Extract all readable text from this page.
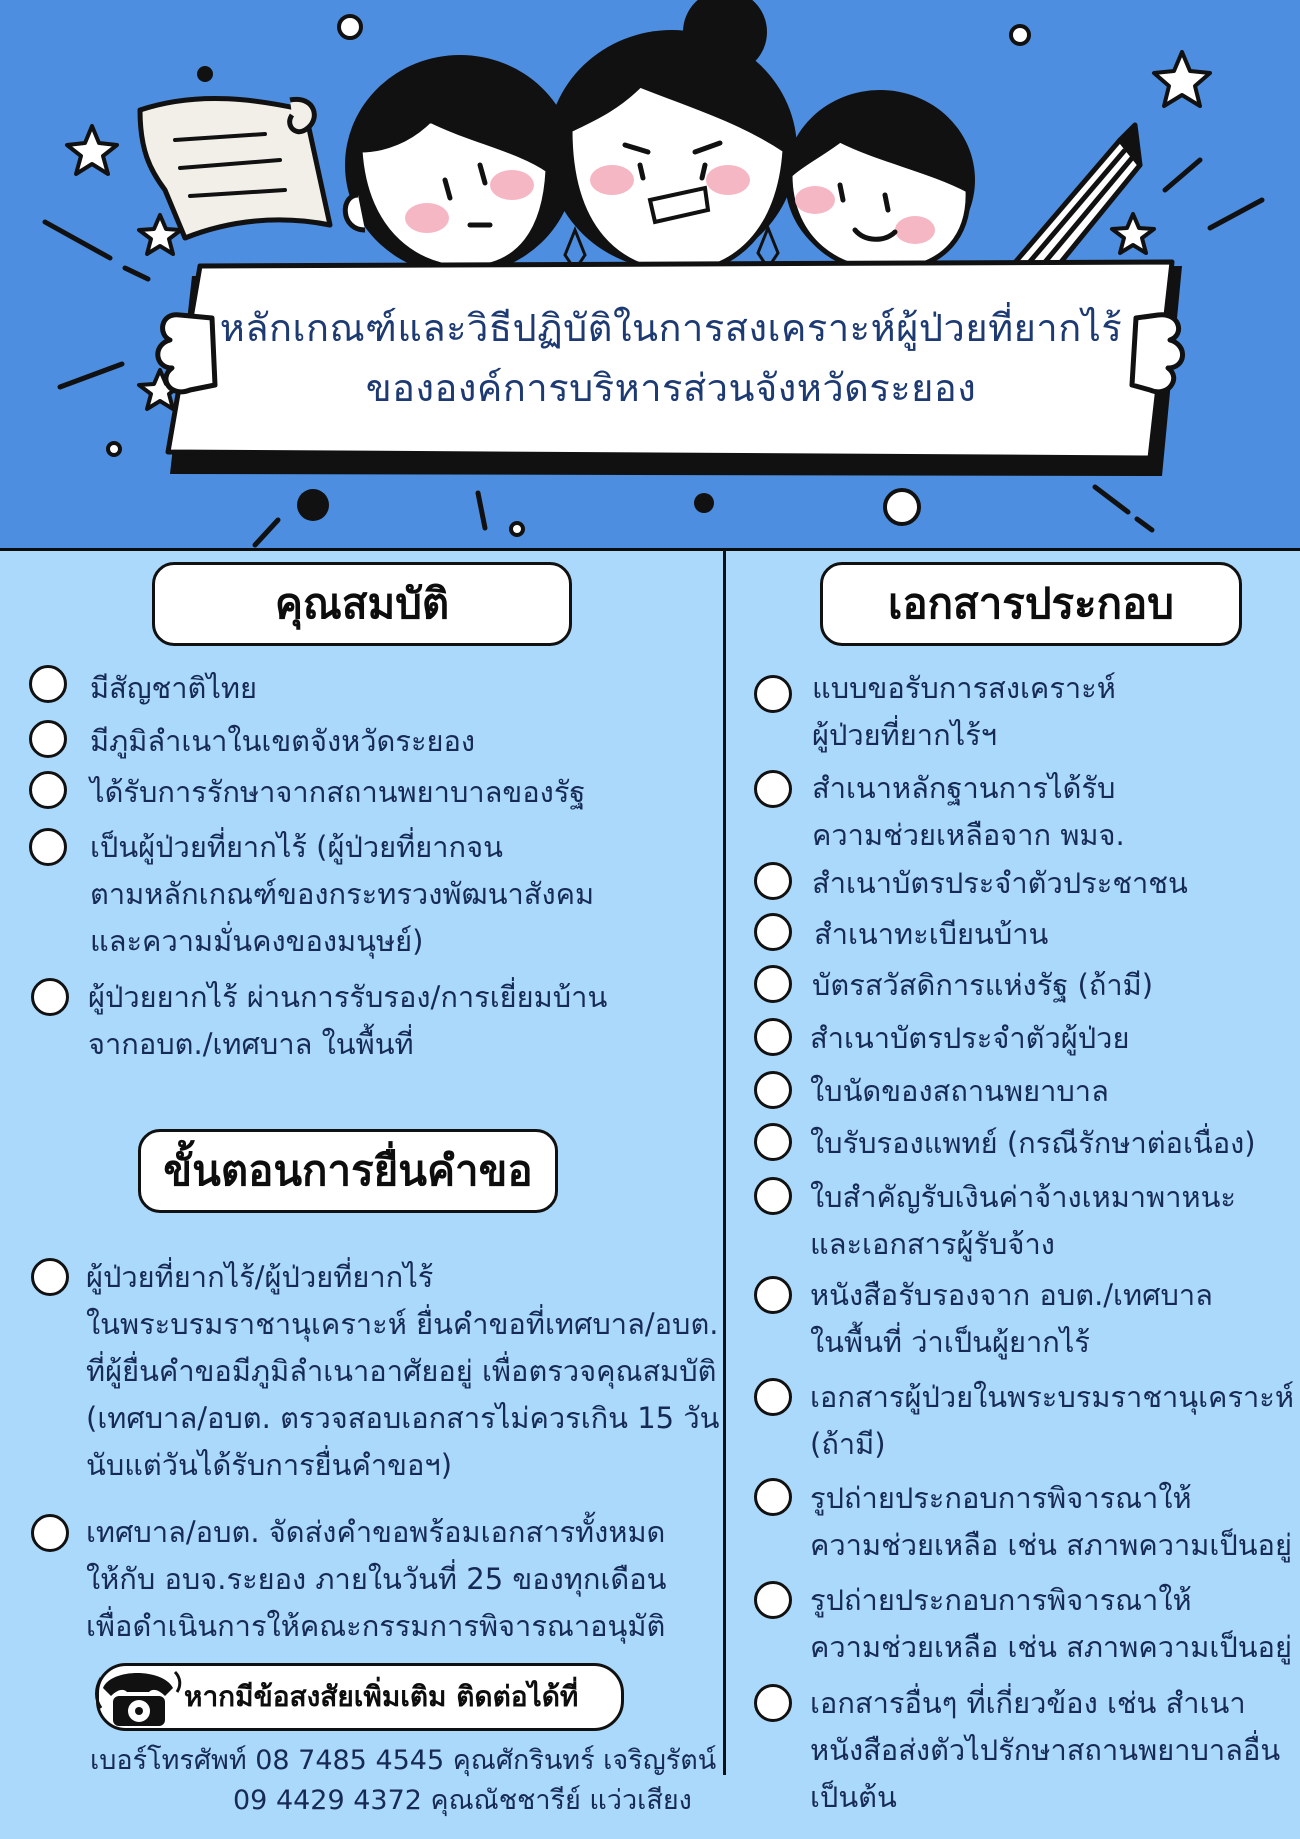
หลักเกณฑ์และวิธีปฏิบัติในการสงเคราะห์ผู้ป่วยที่ยากไร้
ขององค์การบริหารส่วนจังหวัดระยอง
คุณสมบัติ
มีสัญชาติไทย
มีภูมิลำเนาในเขตจังหวัดระยอง
ได้รับการรักษาจากสถานพยาบาลของรัฐ
เป็นผู้ป่วยที่ยากไร้ (ผู้ป่วยที่ยากจน
ตามหลักเกณฑ์ของกระทรวงพัฒนาสังคม
และความมั่นคงของมนุษย์)
ผู้ป่วยยากไร้ ผ่านการรับรอง/การเยี่ยมบ้าน
จากอบต./เทศบาล ในพื้นที่
ขั้นตอนการยื่นคำขอ
ผู้ป่วยที่ยากไร้/ผู้ป่วยที่ยากไร้
ในพระบรมราชานุเคราะห์ ยื่นคำขอที่เทศบาล/อบต.
ที่ผู้ยื่นคำขอมีภูมิลำเนาอาศัยอยู่ เพื่อตรวจคุณสมบัติ
(เทศบาล/อบต. ตรวจสอบเอกสารไม่ควรเกิน 15 วัน
นับแต่วันได้รับการยื่นคำขอฯ)
เทศบาล/อบต. จัดส่งคำขอพร้อมเอกสารทั้งหมด
ให้กับ อบจ.ระยอง ภายในวันที่ 25 ของทุกเดือน
เพื่อดำเนินการให้คณะกรรมการพิจารณาอนุมัติ
หากมีข้อสงสัยเพิ่มเติม ติดต่อได้ที่
เบอร์โทรศัพท์ 08 7485 4545 คุณศักรินทร์ เจริญรัตน์
09 4429 4372 คุณณัชชารีย์ แว่วเสียง
เอกสารประกอบ
แบบขอรับการสงเคราะห์
ผู้ป่วยที่ยากไร้ฯ
สำเนาหลักฐานการได้รับ
ความช่วยเหลือจาก พมจ.
สำเนาบัตรประจำตัวประชาชน
สำเนาทะเบียนบ้าน
บัตรสวัสดิการแห่งรัฐ (ถ้ามี)
สำเนาบัตรประจำตัวผู้ป่วย
ใบนัดของสถานพยาบาล
ใบรับรองแพทย์ (กรณีรักษาต่อเนื่อง)
ใบสำคัญรับเงินค่าจ้างเหมาพาหนะ
และเอกสารผู้รับจ้าง
หนังสือรับรองจาก อบต./เทศบาล
ในพื้นที่ ว่าเป็นผู้ยากไร้
เอกสารผู้ป่วยในพระบรมราชานุเคราะห์
(ถ้ามี)
รูปถ่ายประกอบการพิจารณาให้
ความช่วยเหลือ เช่น สภาพความเป็นอยู่
รูปถ่ายประกอบการพิจารณาให้
ความช่วยเหลือ เช่น สภาพความเป็นอยู่
เอกสารอื่นๆ ที่เกี่ยวข้อง เช่น สำเนา
หนังสือส่งตัวไปรักษาสถานพยาบาลอื่น
เป็นต้น
